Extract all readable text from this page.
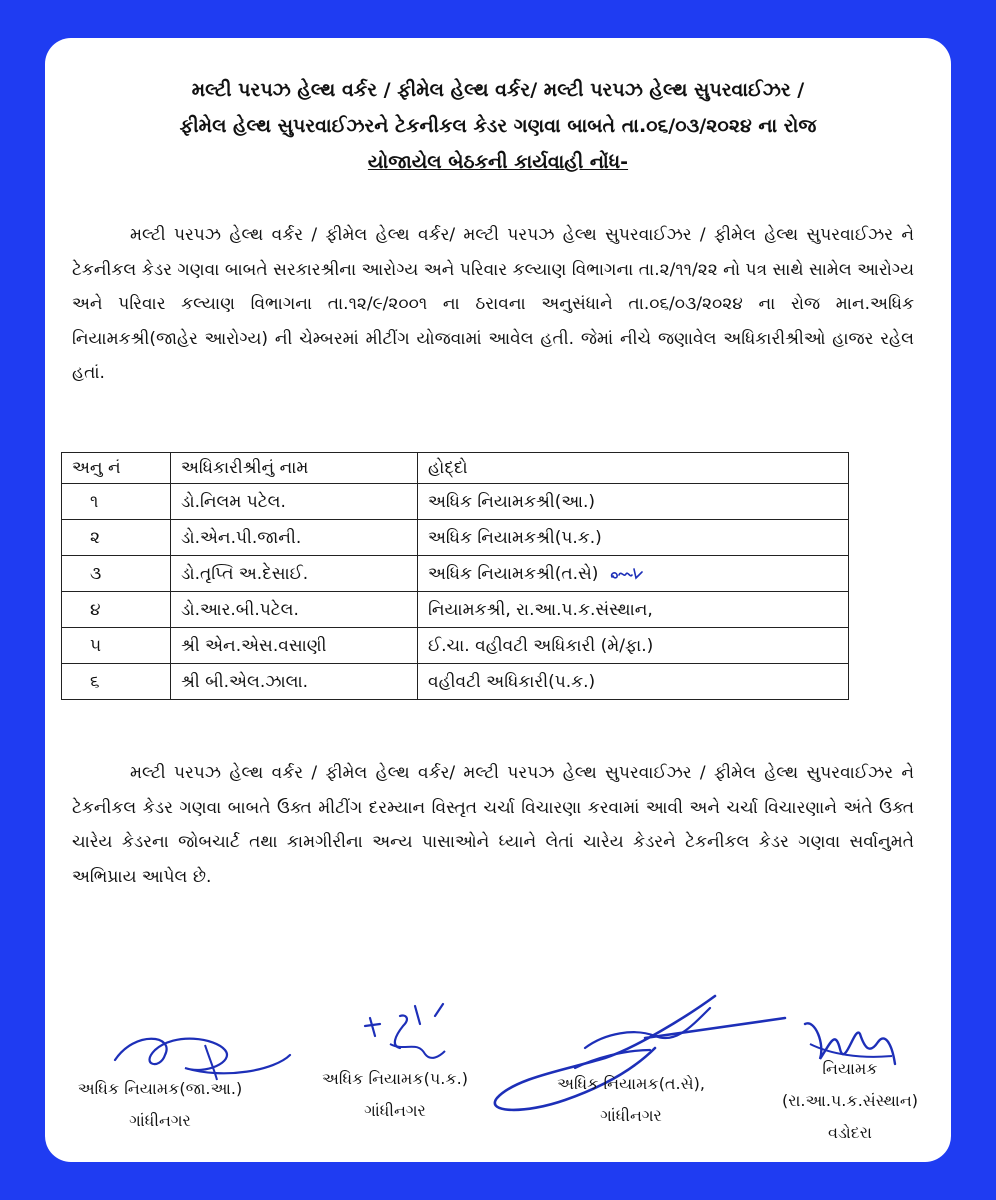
મલ્ટી પરપઝ હેલ્થ વર્કર / ફીમેલ હેલ્થ વર્કર/ મલ્ટી પરપઝ હેલ્થ સુપરવાઈઝર /
ફીમેલ હેલ્થ સુપરવાઈઝરને ટેકનીકલ કેડર ગણવા બાબતે તા.૦૬/૦૩/૨૦૨૪ ના રોજ
યોજાયેલ બેઠકની કાર્યવાહી નોંધ-
મલ્ટી પરપઝ હેલ્થ વર્કર / ફીમેલ હેલ્થ વર્કર/ મલ્ટી પરપઝ હેલ્થ સુપરવાઈઝર / ફીમેલ હેલ્થ સુપરવાઈઝર ને ટેકનીકલ કેડર ગણવા બાબતે સરકારશ્રીના આરોગ્ય અને પરિવાર કલ્યાણ વિભાગના તા.૨/૧૧/૨૨ નો પત્ર સાથે સામેલ આરોગ્ય અને પરિવાર કલ્યાણ વિભાગના તા.૧૨/૯/૨૦૦૧ ના ઠરાવના અનુસંધાને તા.૦૬/૦૩/૨૦૨૪ ના રોજ માન.અધિક નિયામકશ્રી(જાહેર આરોગ્ય) ની ચેમ્બરમાં મીટીંગ યોજવામાં આવેલ હતી. જેમાં નીચે જણાવેલ અધિકારીશ્રીઓ હાજર રહેલ હતાં.
અનુ નં	અધિકારીશ્રીનું નામ	હોદ્દો
૧	ડો.નિલમ પટેલ.	અધિક નિયામકશ્રી(આ.)
૨	ડો.એન.પી.જાની.	અધિક નિયામકશ્રી(પ.ક.)
૩	ડો.તૃપ્તિ અ.દેસાઈ.	અધિક નિયામકશ્રી(ત.સે)
૪	ડો.આર.બી.પટેલ.	નિયામકશ્રી, રા.આ.પ.ક.સંસ્થાન,
૫	શ્રી એન.એસ.વસાણી	ઈ.ચા. વહીવટી અધિકારી (મે/ફા.)
૬	શ્રી બી.એલ.ઝાલા.	વહીવટી અધિકારી(પ.ક.)
મલ્ટી પરપઝ હેલ્થ વર્કર / ફીમેલ હેલ્થ વર્કર/ મલ્ટી પરપઝ હેલ્થ સુપરવાઈઝર / ફીમેલ હેલ્થ સુપરવાઈઝર ને ટેકનીકલ કેડર ગણવા બાબતે ઉક્ત મીટીંગ દરમ્યાન વિસ્તૃત ચર્ચા વિચારણા કરવામાં આવી અને ચર્ચા વિચારણાને અંતે ઉક્ત ચારેય કેડરના જોબચાર્ટ તથા કામગીરીના અન્ય પાસાઓને ધ્યાને લેતાં ચારેય કેડરને ટેકનીકલ કેડર ગણવા સર્વાનુમતે અભિપ્રાય આપેલ છે.
અધિક નિયામક(જા.આ.)
ગાંધીનગર
અધિક નિયામક(પ.ક.)
ગાંધીનગર
અધિક નિયામક(ત.સે),
ગાંધીનગર
નિયામક
(રા.આ.પ.ક.સંસ્થાન)
વડોદરા
